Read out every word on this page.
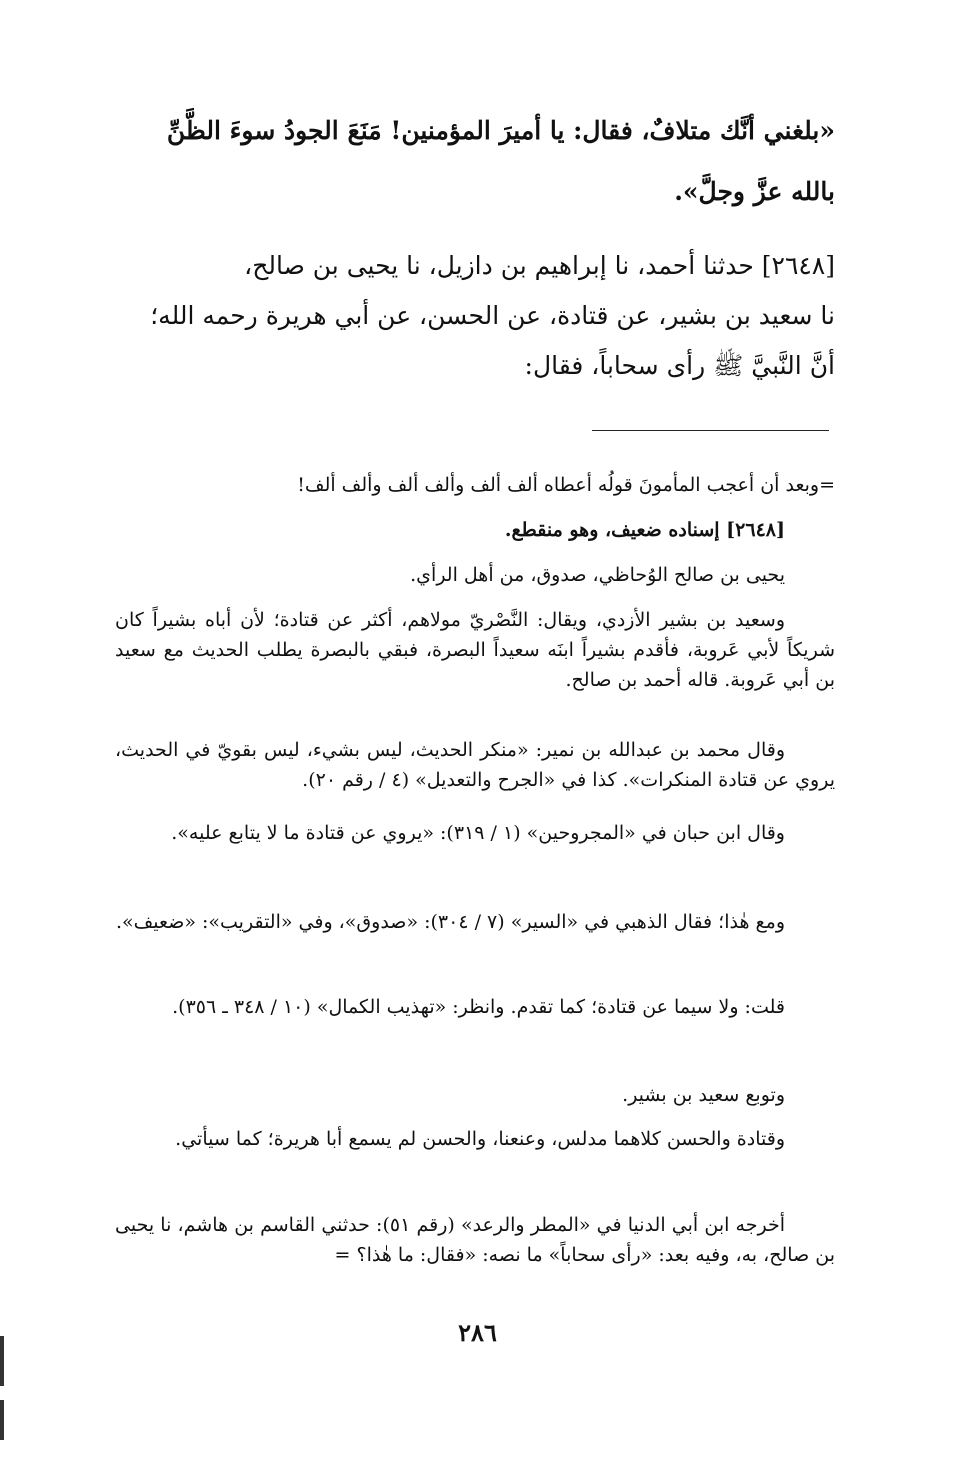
«بلغني أنَّك متلافٌ، فقال: يا أميرَ المؤمنين! مَنَعَ الجودُ سوءَ الظَّنِّ

بالله عزَّ وجلَّ».

[٢٦٤٨] حدثنا أحمد، نا إبراهيم بن دازيل، نا يحيى بن صالح،

نا سعيد بن بشير، عن قتادة، عن الحسن، عن أبي هريرة رحمه الله؛

أنَّ النَّبيَّ ﷺ رأى سحاباً، فقال:

=وبعد أن أعجب المأمونَ قولُه أعطاه ألف ألف وألف ألف وألف ألف!

[٢٦٤٨] إسناده ضعيف، وهو منقطع.

يحيى بن صالح الوُحاظي، صدوق، من أهل الرأي.

وسعيد بن بشير الأزدي، ويقال: النَّصْريّ مولاهم، أكثر عن قتادة؛ لأن أباه بشيراً كان شريكاً لأبي عَروبة، فأقدم بشيراً ابنَه سعيداً البصرة، فبقي بالبصرة يطلب الحديث مع سعيد بن أبي عَروبة. قاله أحمد بن صالح.

وقال محمد بن عبدالله بن نمير: «منكر الحديث، ليس بشيء، ليس بقويّ في الحديث، يروي عن قتادة المنكرات». كذا في «الجرح والتعديل» (٤ / رقم ٢٠).

وقال ابن حبان في «المجروحين» (١ / ٣١٩): «يروي عن قتادة ما لا يتابع عليه».

ومع هٰذا؛ فقال الذهبي في «السير» (٧ / ٣٠٤): «صدوق»، وفي «التقريب»: «ضعيف».

قلت: ولا سيما عن قتادة؛ كما تقدم. وانظر: «تهذيب الكمال» (١٠ / ٣٤٨ ـ ٣٥٦).

وتوبع سعيد بن بشير.

وقتادة والحسن كلاهما مدلس، وعنعنا، والحسن لم يسمع أبا هريرة؛ كما سيأتي.

أخرجه ابن أبي الدنيا في «المطر والرعد» (رقم ٥١): حدثني القاسم بن هاشم، نا يحيى بن صالح، به، وفيه بعد: «رأى سحاباً» ما نصه: «فقال: ما هٰذا؟ =

٢٨٦
